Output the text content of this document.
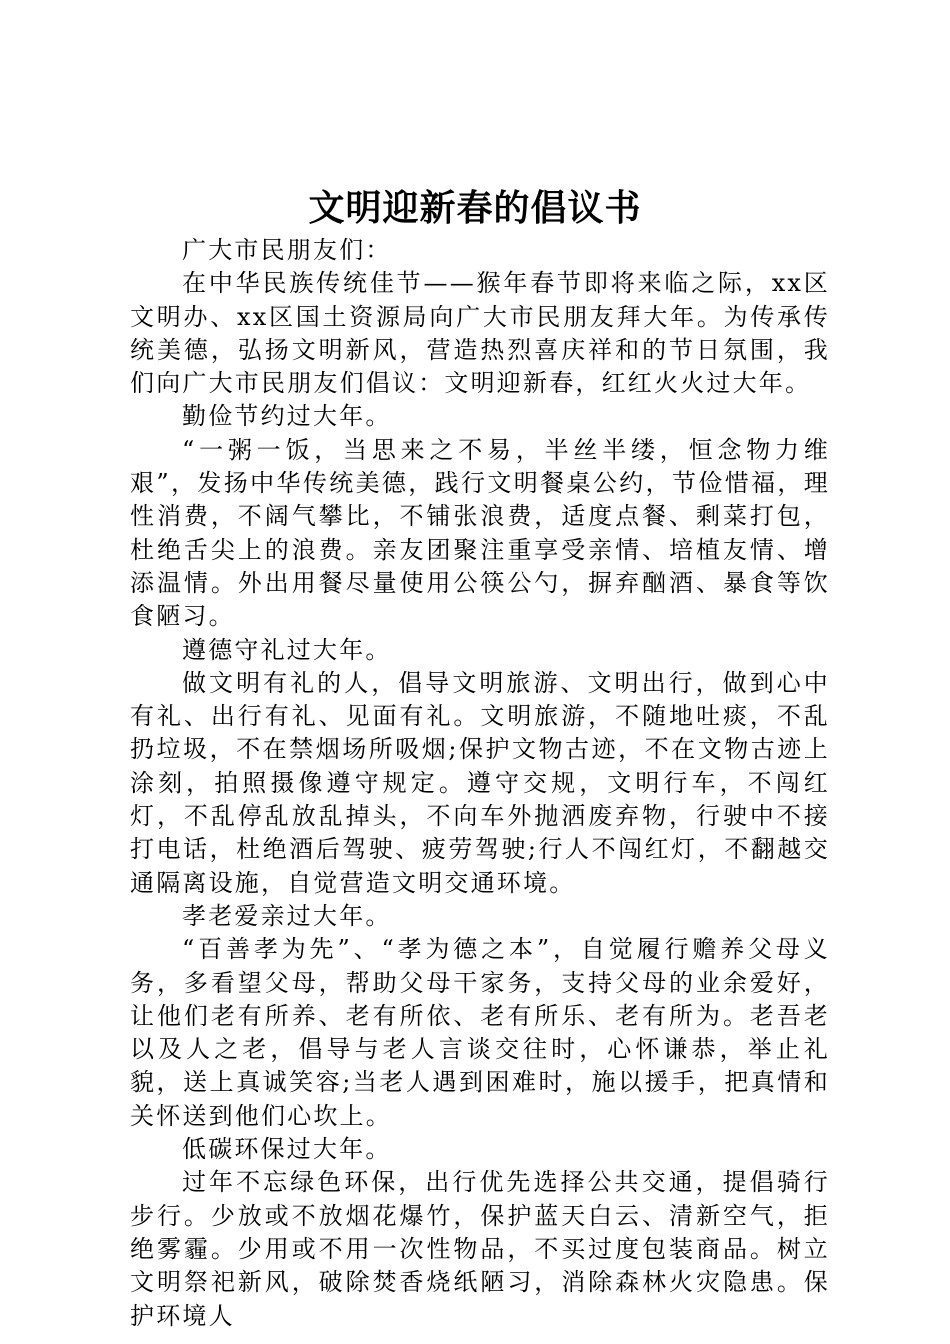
文明迎新春的倡议书

广大市民朋友们：

在中华民族传统佳节——猴年春节即将来临之际，xx区文明办、xx区国土资源局向广大市民朋友拜大年。为传承传统美德，弘扬文明新风，营造热烈喜庆祥和的节日氛围，我们向广大市民朋友们倡议：文明迎新春，红红火火过大年。

勤俭节约过大年。

“一粥一饭，当思来之不易，半丝半缕，恒念物力维艰”，发扬中华传统美德，践行文明餐桌公约，节俭惜福，理性消费，不阔气攀比，不铺张浪费，适度点餐、剩菜打包，杜绝舌尖上的浪费。亲友团聚注重享受亲情、培植友情、增添温情。外出用餐尽量使用公筷公勺，摒弃酗酒、暴食等饮食陋习。

遵德守礼过大年。

做文明有礼的人，倡导文明旅游、文明出行，做到心中有礼、出行有礼、见面有礼。文明旅游，不随地吐痰，不乱扔垃圾，不在禁烟场所吸烟;保护文物古迹，不在文物古迹上涂刻，拍照摄像遵守规定。遵守交规，文明行车，不闯红灯，不乱停乱放乱掉头，不向车外抛洒废弃物，行驶中不接打电话，杜绝酒后驾驶、疲劳驾驶;行人不闯红灯，不翻越交通隔离设施，自觉营造文明交通环境。

孝老爱亲过大年。

“百善孝为先”、“孝为德之本”，自觉履行赡养父母义务，多看望父母，帮助父母干家务，支持父母的业余爱好，让他们老有所养、老有所依、老有所乐、老有所为。老吾老以及人之老，倡导与老人言谈交往时，心怀谦恭，举止礼貌，送上真诚笑容;当老人遇到困难时，施以援手，把真情和关怀送到他们心坎上。

低碳环保过大年。

过年不忘绿色环保，出行优先选择公共交通，提倡骑行步行。少放或不放烟花爆竹，保护蓝天白云、清新空气，拒绝雾霾。少用或不用一次性物品，不买过度包装商品。树立文明祭祀新风，破除焚香烧纸陋习，消除森林火灾隐患。保护环境人
